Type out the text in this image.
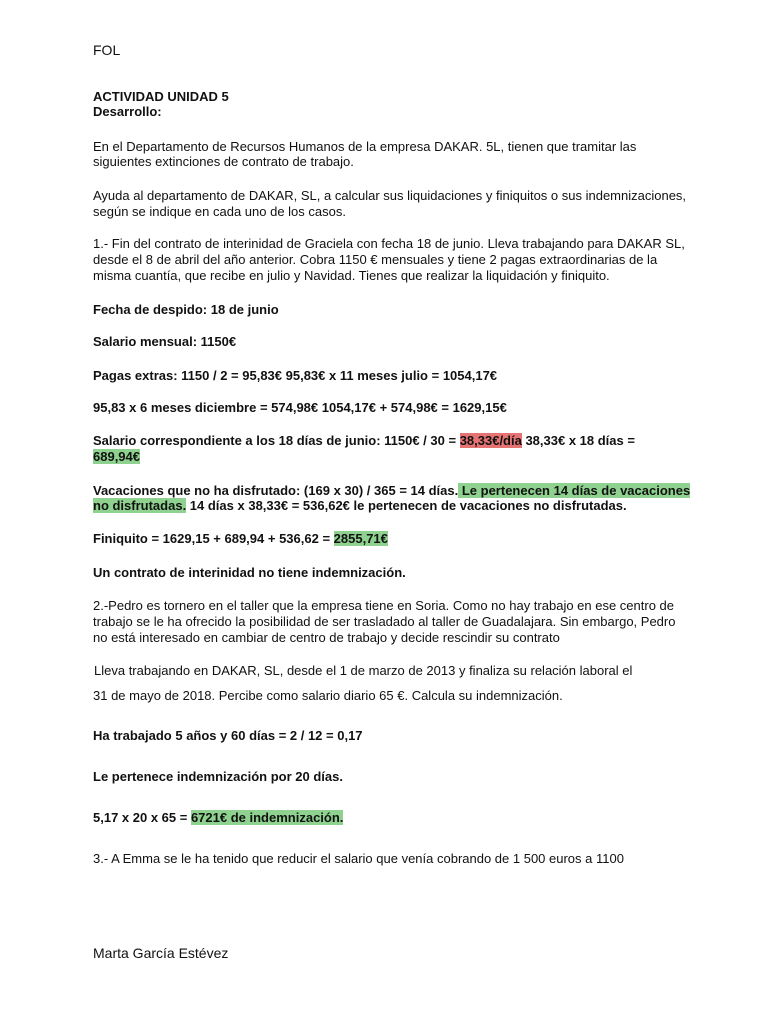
FOL
ACTIVIDAD UNIDAD 5
Desarrollo:
En el Departamento de Recursos Humanos de la empresa DAKAR. 5L, tienen que tramitar las
siguientes extinciones de contrato de trabajo.
Ayuda al departamento de DAKAR, SL, a calcular sus liquidaciones y finiquitos o sus indemnizaciones,
según se indique en cada uno de los casos.
1.- Fin del contrato de interinidad de Graciela con fecha 18 de junio. Lleva trabajando para DAKAR SL,
desde el 8 de abril del año anterior. Cobra 1150 € mensuales y tiene 2 pagas extraordinarias de la
misma cuantía, que recibe en julio y Navidad. Tienes que realizar la liquidación y finiquito.
Fecha de despido: 18 de junio
Salario mensual: 1150€
Pagas extras: 1150 / 2 = 95,83€ 95,83€ x 11 meses julio = 1054,17€
95,83 x 6 meses diciembre = 574,98€ 1054,17€ + 574,98€ = 1629,15€
Salario correspondiente a los 18 días de junio: 1150€ / 30 = 38,33€/día 38,33€ x 18 días =
689,94€
Vacaciones que no ha disfrutado: (169 x 30) / 365 = 14 días. Le pertenecen 14 días de vacaciones
no disfrutadas. 14 días x 38,33€ = 536,62€ le pertenecen de vacaciones no disfrutadas.
Finiquito = 1629,15 + 689,94 + 536,62 = 2855,71€
Un contrato de interinidad no tiene indemnización.
2.-Pedro es tornero en el taller que la empresa tiene en Soria. Como no hay trabajo en ese centro de
trabajo se le ha ofrecido la posibilidad de ser trasladado al taller de Guadalajara. Sin embargo, Pedro
no está interesado en cambiar de centro de trabajo y decide rescindir su contrato
Lleva trabajando en DAKAR, SL, desde el 1 de marzo de 2013 y finaliza su relación laboral el
31 de mayo de 2018. Percibe como salario diario 65 €. Calcula su indemnización.
Ha trabajado 5 años y 60 días = 2 / 12 = 0,17
Le pertenece indemnización por 20 días.
5,17 x 20 x 65 = 6721€ de indemnización.
3.- A Emma se le ha tenido que reducir el salario que venía cobrando de 1 500 euros a 1100
Marta García Estévez
